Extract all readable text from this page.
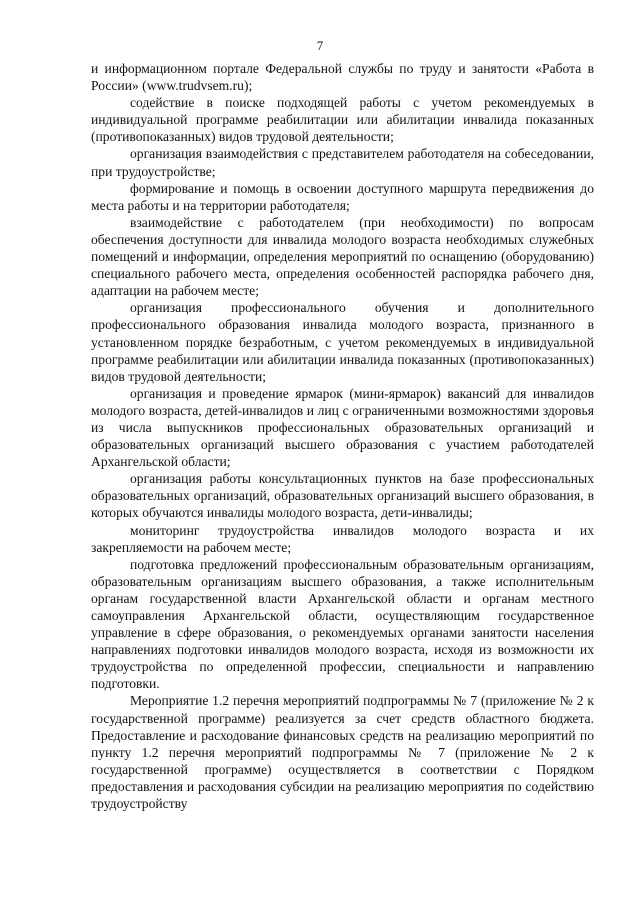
7

и информационном портале Федеральной службы по труду и занятости «Работа в России» (www.trudvsem.ru);

содействие в поиске подходящей работы с учетом рекомендуемых в индивидуальной программе реабилитации или абилитации инвалида показанных (противопоказанных) видов трудовой деятельности;

организация взаимодействия с представителем работодателя на собеседовании, при трудоустройстве;

формирование и помощь в освоении доступного маршрута передвижения до места работы и на территории работодателя;

взаимодействие с работодателем (при необходимости) по вопросам обеспечения доступности для инвалида молодого возраста необходимых служебных помещений и информации, определения мероприятий по оснащению (оборудованию) специального рабочего места, определения особенностей распорядка рабочего дня, адаптации на рабочем месте;

организация профессионального обучения и дополнительного профессионального образования инвалида молодого возраста, признанного в установленном порядке безработным, с учетом рекомендуемых в индивидуальной программе реабилитации или абилитации инвалида показанных (противопоказанных) видов трудовой деятельности;

организация и проведение ярмарок (мини-ярмарок) вакансий для инвалидов молодого возраста, детей-инвалидов и лиц с ограниченными возможностями здоровья из числа выпускников профессиональных образовательных организаций и образовательных организаций высшего образования с участием работодателей Архангельской области;

организация работы консультационных пунктов на базе профессиональных образовательных организаций, образовательных организаций высшего образования, в которых обучаются инвалиды молодого возраста, дети-инвалиды;

мониторинг трудоустройства инвалидов молодого возраста и их закрепляемости на рабочем месте;

подготовка предложений профессиональным образовательным организациям, образовательным организациям высшего образования, а также исполнительным органам государственной власти Архангельской области и органам местного самоуправления Архангельской области, осуществляющим государственное управление в сфере образования, о рекомендуемых органами занятости населения направлениях подготовки инвалидов молодого возраста, исходя из возможности их трудоустройства по определенной профессии, специальности и направлению подготовки.

Мероприятие 1.2 перечня мероприятий подпрограммы № 7 (приложение № 2 к государственной программе) реализуется за счет средств областного бюджета. Предоставление и расходование финансовых средств на реализацию мероприятий по пункту 1.2 перечня мероприятий подпрограммы № 7 (приложение № 2 к государственной программе) осуществляется в соответствии с Порядком предоставления и расходования субсидии на реализацию мероприятия по содействию трудоустройству
